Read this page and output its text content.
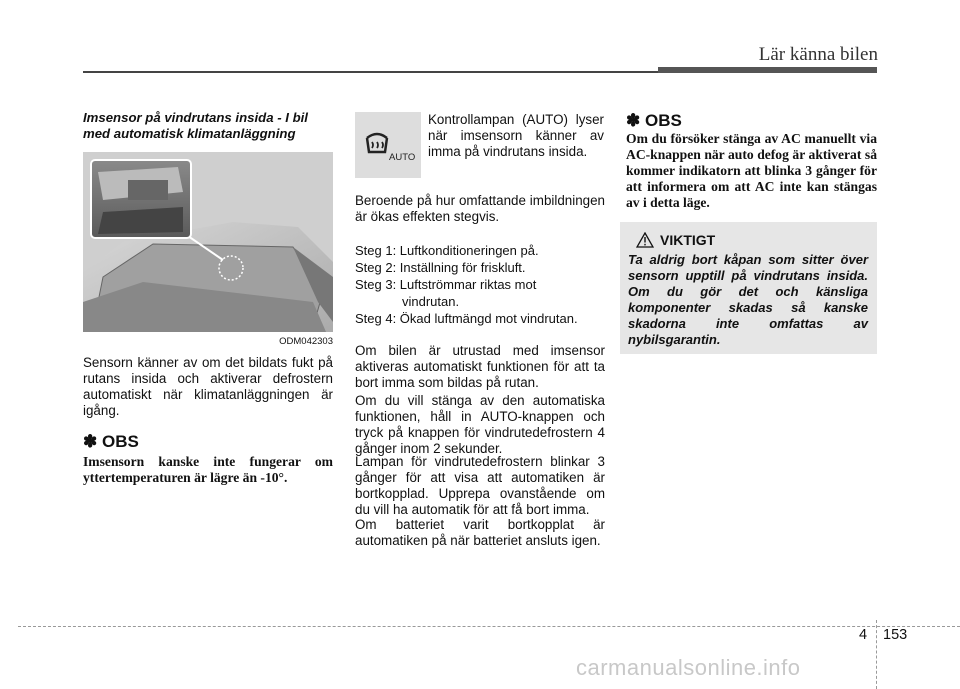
Lär känna bilen
Imsensor på vindrutans insida - I bil med automatisk klimatanläggning
ODM042303
Sensorn känner av om det bildats fukt på rutans insida och aktiverar defrostern automatiskt när klimatanläggningen är igång.
✽ OBS
Imsensorn kanske inte fungerar om yttertemperaturen är lägre än -10°.
AUTO
Kontrollampan (AUTO) lyser när imsensorn känner av imma på vindrutans insida.
Beroende på hur omfattande imbildningen är ökas effekten stegvis.
Steg 1: Luftkonditioneringen på.
Steg 2: Inställning för friskluft.
Steg 3: Luftströmmar riktas mot
vindrutan.
Steg 4: Ökad luftmängd mot vindrutan.
Om bilen är utrustad med imsensor aktiveras automatiskt funktionen för att ta bort imma som bildas på rutan.
Om du vill stänga av den automatiska funktionen, håll in AUTO-knappen och tryck på knappen för vindrutedefrostern 4 gånger inom 2 sekunder.
Lampan för vindrutedefrostern blinkar 3 gånger för att visa att automatiken är bortkopplad. Upprepa ovanstående om du vill ha automatik för att få bort imma.
Om batteriet varit bortkopplat är automatiken på när batteriet ansluts igen.
✽ OBS
Om du försöker stänga av AC manuellt via AC-knappen när auto defog är aktiverat så kommer indikatorn att blinka 3 gånger för att informera om att AC inte kan stängas av i detta läge.
VIKTIGT
Ta aldrig bort kåpan som sitter över sensorn upptill på vindrutans insida. Om du gör det och känsliga komponenter skadas så kanske skadorna inte omfattas av nybilsgarantin.
4 153
carmanualsonline.info
